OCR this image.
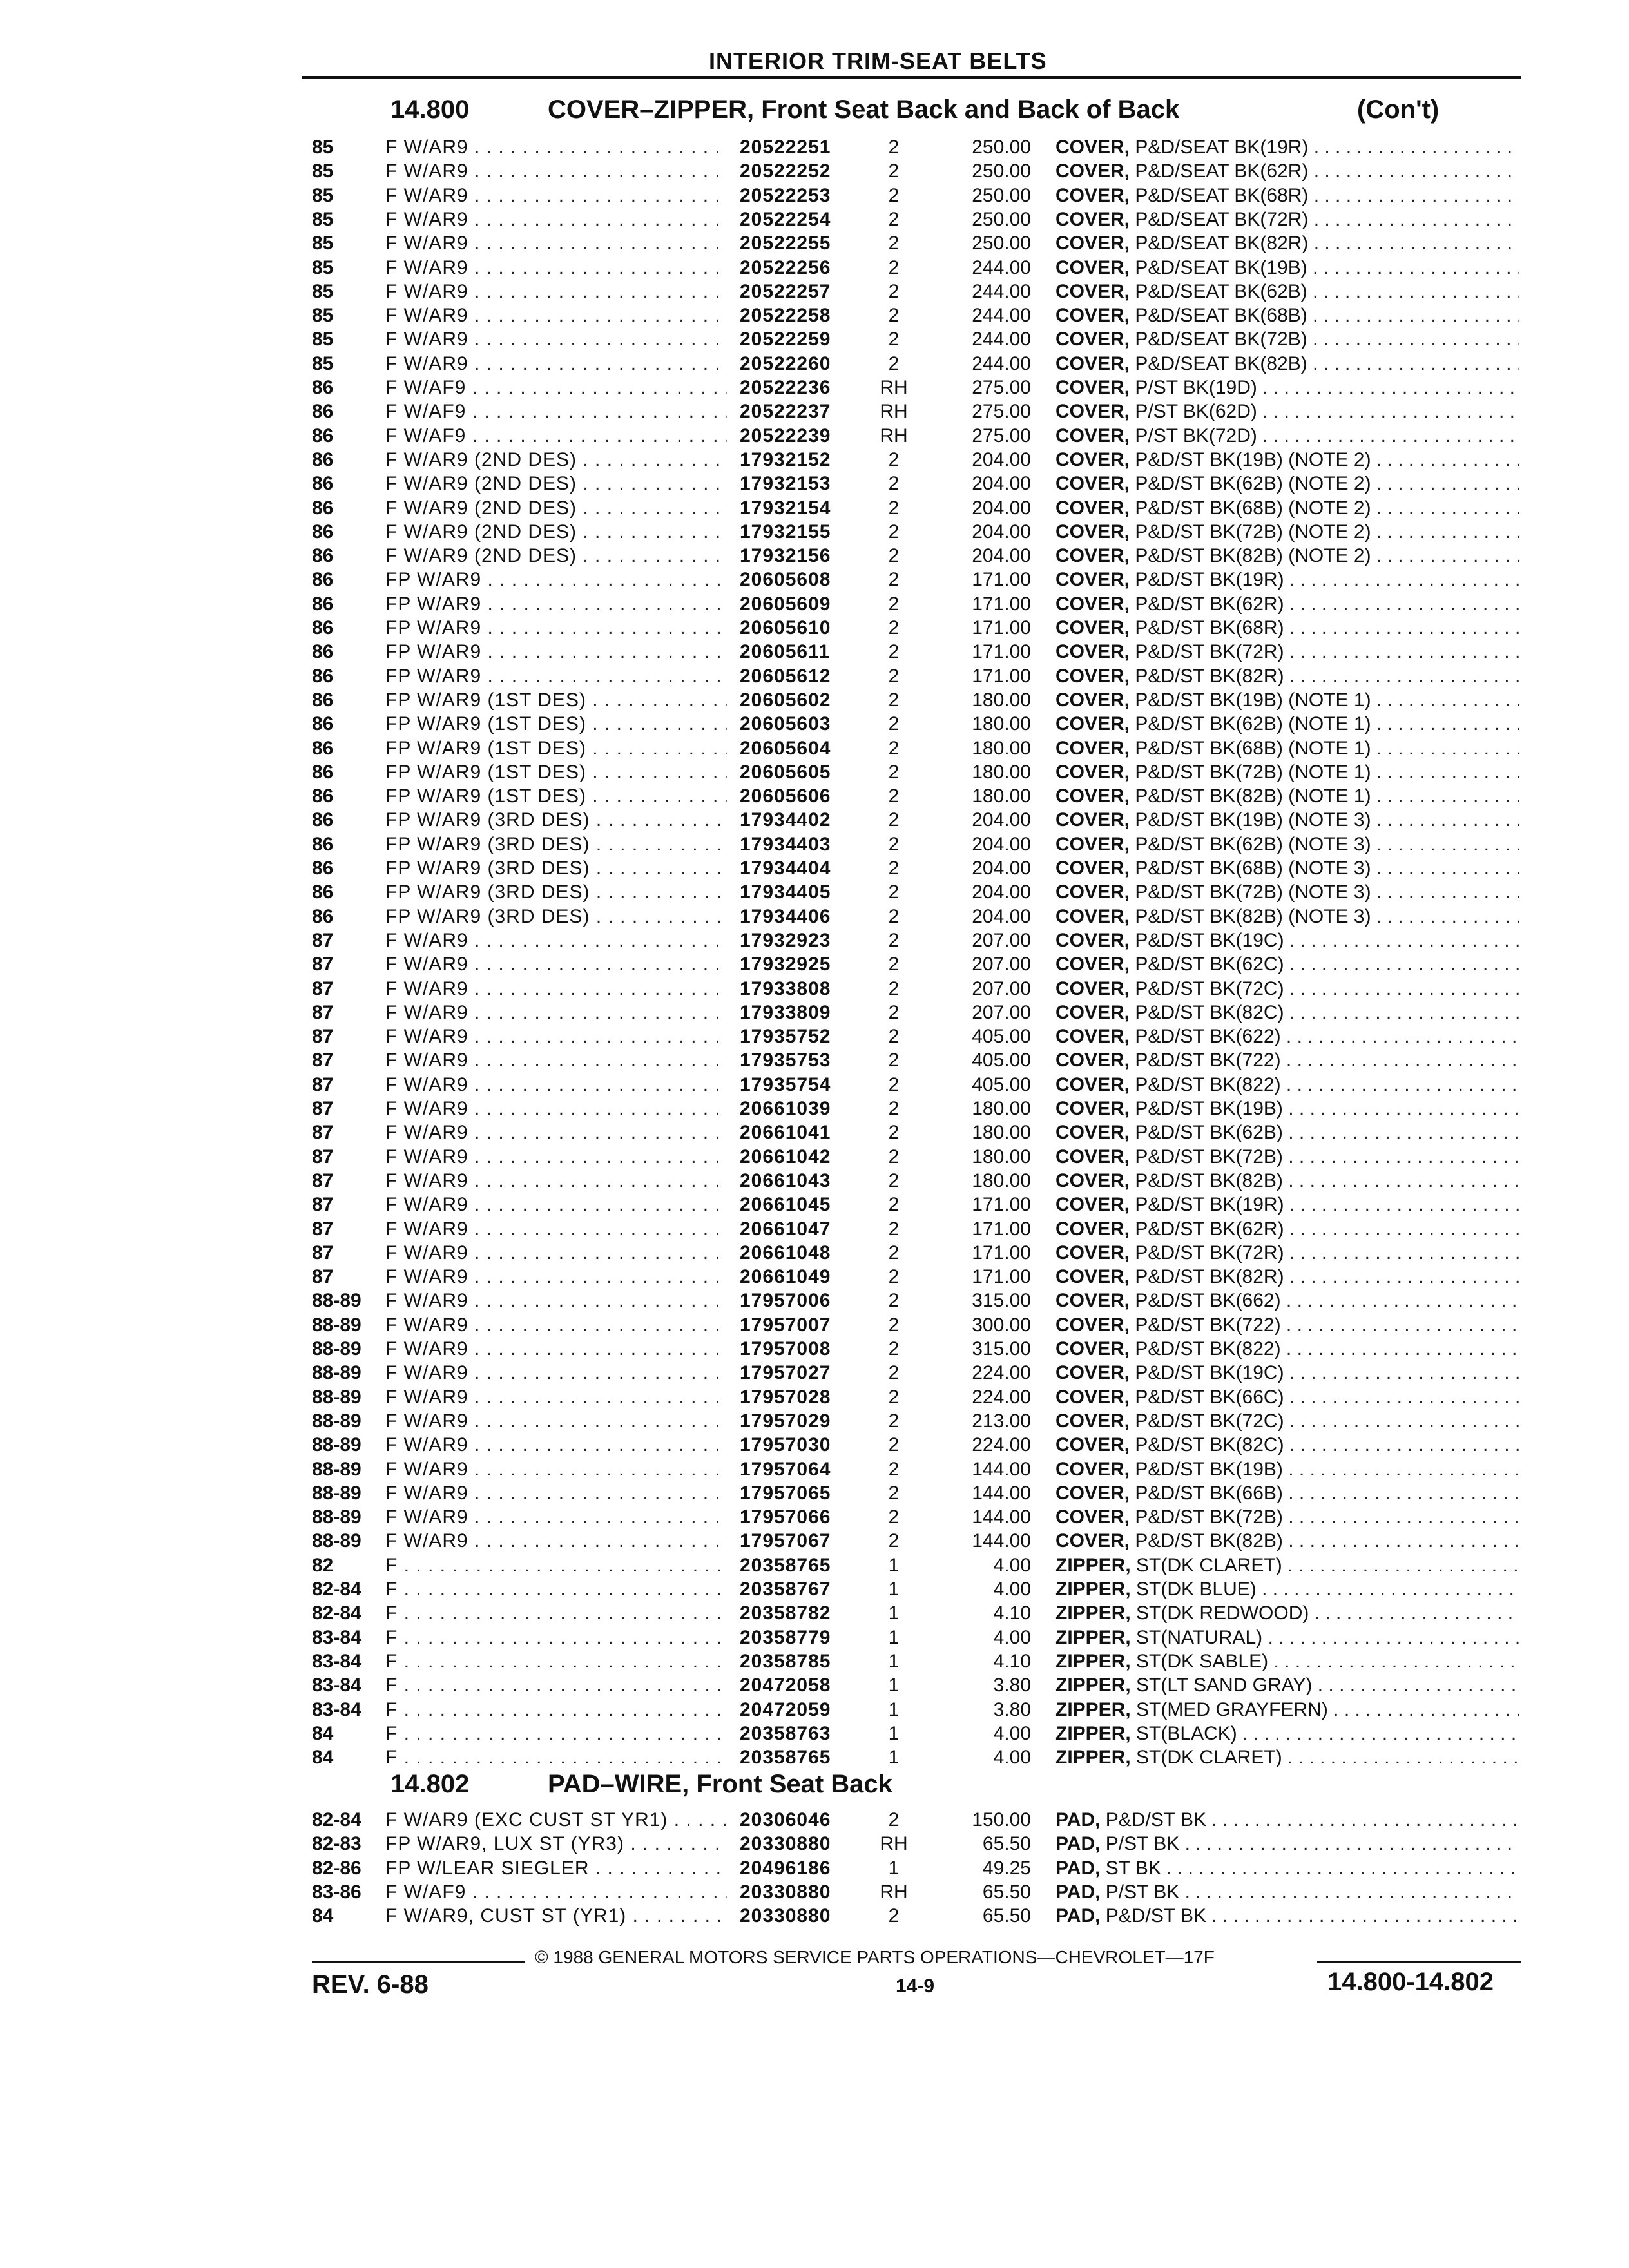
INTERIOR TRIM-SEAT BELTS
14.800	COVER–ZIPPER, Front Seat Back and Back of Back	(Con't)
85	F W/AR9 . . .	20522251	2	250.00 COVER, P&D/SEAT BK(19R) . . .
85	F W/AR9 . . .	20522252	2	250.00 COVER, P&D/SEAT BK(62R) . . .
85	F W/AR9 . . .	20522253	2	250.00 COVER, P&D/SEAT BK(68R) . . .
85	F W/AR9 . . .	20522254	2	250.00 COVER, P&D/SEAT BK(72R) . . .
85	F W/AR9 . . .	20522255	2	250.00 COVER, P&D/SEAT BK(82R) . . .
85	F W/AR9 . . .	20522256	2	244.00 COVER, P&D/SEAT BK(19B) . . .
85	F W/AR9 . . .	20522257	2	244.00 COVER, P&D/SEAT BK(62B) . . .
85	F W/AR9 . . .	20522258	2	244.00 COVER, P&D/SEAT BK(68B) . . .
85	F W/AR9 . . .	20522259	2	244.00 COVER, P&D/SEAT BK(72B) . . .
85	F W/AR9 . . .	20522260	2	244.00 COVER, P&D/SEAT BK(82B) . . .
86	F W/AF9 . . .	20522236	RH	275.00 COVER, P/ST BK(19D) . . .
86	F W/AF9 . . .	20522237	RH	275.00 COVER, P/ST BK(62D) . . .
86	F W/AF9 . . .	20522239	RH	275.00 COVER, P/ST BK(72D) . . .
86	F W/AR9 (2ND DES) . . .	17932152	2	204.00 COVER, P&D/ST BK(19B) (NOTE 2) . . .
86	F W/AR9 (2ND DES) . . .	17932153	2	204.00 COVER, P&D/ST BK(62B) (NOTE 2) . . .
86	F W/AR9 (2ND DES) . . .	17932154	2	204.00 COVER, P&D/ST BK(68B) (NOTE 2) . . .
86	F W/AR9 (2ND DES) . . .	17932155	2	204.00 COVER, P&D/ST BK(72B) (NOTE 2) . . .
86	F W/AR9 (2ND DES) . . .	17932156	2	204.00 COVER, P&D/ST BK(82B) (NOTE 2) . . .
86	FP W/AR9 . . .	20605608	2	171.00 COVER, P&D/ST BK(19R) . . .
86	FP W/AR9 . . .	20605609	2	171.00 COVER, P&D/ST BK(62R) . . .
86	FP W/AR9 . . .	20605610	2	171.00 COVER, P&D/ST BK(68R) . . .
86	FP W/AR9 . . .	20605611	2	171.00 COVER, P&D/ST BK(72R) . . .
86	FP W/AR9 . . .	20605612	2	171.00 COVER, P&D/ST BK(82R) . . .
86	FP W/AR9 (1ST DES) . . .	20605602	2	180.00 COVER, P&D/ST BK(19B) (NOTE 1) . . .
86	FP W/AR9 (1ST DES) . . .	20605603	2	180.00 COVER, P&D/ST BK(62B) (NOTE 1) . . .
86	FP W/AR9 (1ST DES) . . .	20605604	2	180.00 COVER, P&D/ST BK(68B) (NOTE 1) . . .
86	FP W/AR9 (1ST DES) . . .	20605605	2	180.00 COVER, P&D/ST BK(72B) (NOTE 1) . . .
86	FP W/AR9 (1ST DES) . . .	20605606	2	180.00 COVER, P&D/ST BK(82B) (NOTE 1) . . .
86	FP W/AR9 (3RD DES) . . .	17934402	2	204.00 COVER, P&D/ST BK(19B) (NOTE 3) . . .
86	FP W/AR9 (3RD DES) . . .	17934403	2	204.00 COVER, P&D/ST BK(62B) (NOTE 3) . . .
86	FP W/AR9 (3RD DES) . . .	17934404	2	204.00 COVER, P&D/ST BK(68B) (NOTE 3) . . .
86	FP W/AR9 (3RD DES) . . .	17934405	2	204.00 COVER, P&D/ST BK(72B) (NOTE 3) . . .
86	FP W/AR9 (3RD DES) . . .	17934406	2	204.00 COVER, P&D/ST BK(82B) (NOTE 3) . . .
87	F W/AR9 . . .	17932923	2	207.00 COVER, P&D/ST BK(19C) . . .
87	F W/AR9 . . .	17932925	2	207.00 COVER, P&D/ST BK(62C) . . .
87	F W/AR9 . . .	17933808	2	207.00 COVER, P&D/ST BK(72C) . . .
87	F W/AR9 . . .	17933809	2	207.00 COVER, P&D/ST BK(82C) . . .
87	F W/AR9 . . .	17935752	2	405.00 COVER, P&D/ST BK(622) . . .
87	F W/AR9 . . .	17935753	2	405.00 COVER, P&D/ST BK(722) . . .
87	F W/AR9 . . .	17935754	2	405.00 COVER, P&D/ST BK(822) . . .
87	F W/AR9 . . .	20661039	2	180.00 COVER, P&D/ST BK(19B) . . .
87	F W/AR9 . . .	20661041	2	180.00 COVER, P&D/ST BK(62B) . . .
87	F W/AR9 . . .	20661042	2	180.00 COVER, P&D/ST BK(72B) . . .
87	F W/AR9 . . .	20661043	2	180.00 COVER, P&D/ST BK(82B) . . .
87	F W/AR9 . . .	20661045	2	171.00 COVER, P&D/ST BK(19R) . . .
87	F W/AR9 . . .	20661047	2	171.00 COVER, P&D/ST BK(62R) . . .
87	F W/AR9 . . .	20661048	2	171.00 COVER, P&D/ST BK(72R) . . .
87	F W/AR9 . . .	20661049	2	171.00 COVER, P&D/ST BK(82R) . . .
88-89 F W/AR9 . . .	17957006	2	315.00 COVER, P&D/ST BK(662) . . .
88-89 F W/AR9 . . .	17957007	2	300.00 COVER, P&D/ST BK(722) . . .
88-89 F W/AR9 . . .	17957008	2	315.00 COVER, P&D/ST BK(822) . . .
88-89 F W/AR9 . . .	17957027	2	224.00 COVER, P&D/ST BK(19C) . . .
88-89 F W/AR9 . . .	17957028	2	224.00 COVER, P&D/ST BK(66C) . . .
88-89 F W/AR9 . . .	17957029	2	213.00 COVER, P&D/ST BK(72C) . . .
88-89 F W/AR9 . . .	17957030	2	224.00 COVER, P&D/ST BK(82C) . . .
88-89 F W/AR9 . . .	17957064	2	144.00 COVER, P&D/ST BK(19B) . . .
88-89 F W/AR9 . . .	17957065	2	144.00 COVER, P&D/ST BK(66B) . . .
88-89 F W/AR9 . . .	17957066	2	144.00 COVER, P&D/ST BK(72B) . . .
88-89 F W/AR9 . . .	17957067	2	144.00 COVER, P&D/ST BK(82B) . . .
82	F . . .	20358765	1	4.00 ZIPPER, ST(DK CLARET) . . .
82-84 F . . .	20358767	1	4.00 ZIPPER, ST(DK BLUE) . . .
82-84 F . . .	20358782	1	4.10 ZIPPER, ST(DK REDWOOD) . . .
83-84 F . . .	20358779	1	4.00 ZIPPER, ST(NATURAL) . . .
83-84 F . . .	20358785	1	4.10 ZIPPER, ST(DK SABLE) . . .
83-84 F . . .	20472058	1	3.80 ZIPPER, ST(LT SAND GRAY) . . .
83-84 F . . .	20472059	1	3.80 ZIPPER, ST(MED GRAYFERN) . . .
84	F . . .	20358763	1	4.00 ZIPPER, ST(BLACK) . . .
84	F . . .	20358765	1	4.00 ZIPPER, ST(DK CLARET) . . .
14.802	PAD–WIRE, Front Seat Back
82-84 F W/AR9 (EXC CUST ST YR1) . . .	20306046	2	150.00 PAD, P&D/ST BK . . .
82-83 FP W/AR9, LUX ST (YR3) . . .	20330880	RH	65.50 PAD, P/ST BK . . .
82-86 FP W/LEAR SIEGLER . . .	20496186	1	49.25 PAD, ST BK . . .
83-86 F W/AF9 . . .	20330880	RH	65.50 PAD, P/ST BK . . .
84	F W/AR9, CUST ST (YR1) . . .	20330880	2	65.50 PAD, P&D/ST BK . . .
© 1988 GENERAL MOTORS SERVICE PARTS OPERATIONS—CHEVROLET—17F
REV. 6-88	14-9	14.800-14.802
